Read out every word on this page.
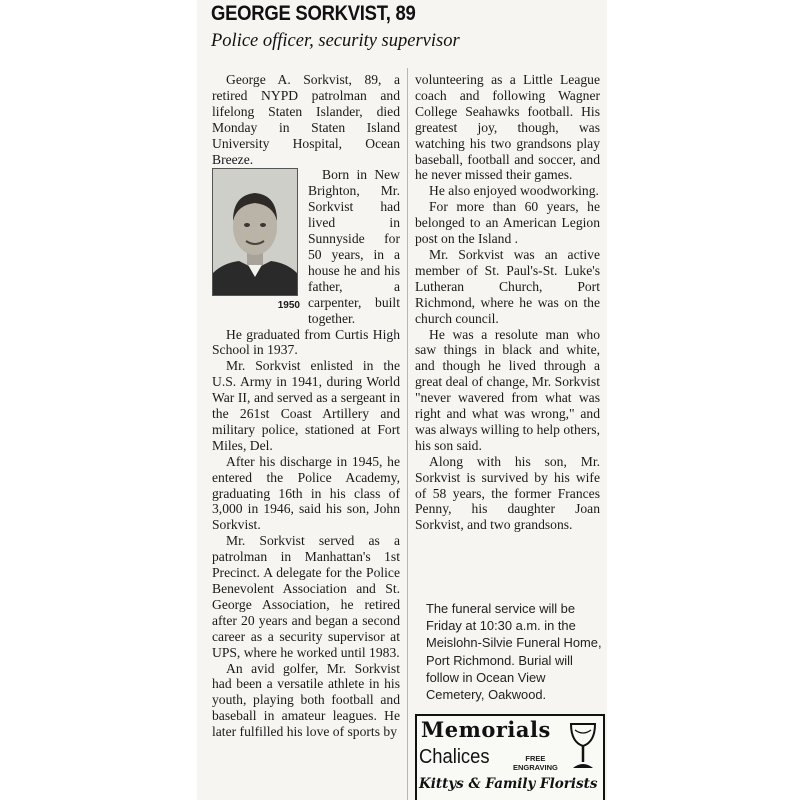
GEORGE SORKVIST, 89
Police officer, security supervisor

George A. Sorkvist, 89, a retired NYPD patrolman and lifelong Staten Islander, died Monday in Staten Island University Hospital, Ocean Breeze.

1950

Born in New Brighton, Mr. Sorkvist had lived in Sunnyside for 50 years, in a house he and his father, a carpenter, built together.

He graduated from Curtis High School in 1937.

Mr. Sorkvist enlisted in the U.S. Army in 1941, during World War II, and served as a sergeant in the 261st Coast Artillery and military police, stationed at Fort Miles, Del.

After his discharge in 1945, he entered the Police Academy, graduating 16th in his class of 3,000 in 1946, said his son, John Sorkvist.

Mr. Sorkvist served as a patrolman in Manhattan's 1st Precinct. A delegate for the Police Benevolent Association and St. George Association, he retired after 20 years and began a second career as a security supervisor at UPS, where he worked until 1983.

An avid golfer, Mr. Sorkvist had been a versatile athlete in his youth, playing both football and baseball in amateur leagues. He later fulfilled his love of sports by

volunteering as a Little League coach and following Wagner College Seahawks football. His greatest joy, though, was watching his two grandsons play baseball, football and soccer, and he never missed their games.

He also enjoyed woodworking.

For more than 60 years, he belonged to an American Legion post on the Island .

Mr. Sorkvist was an active member of St. Paul's-St. Luke's Lutheran Church, Port Richmond, where he was on the church council.

He was a resolute man who saw things in black and white, and though he lived through a great deal of change, Mr. Sorkvist "never wavered from what was right and what was wrong," and was always willing to help others, his son said.

Along with his son, Mr. Sorkvist is survived by his wife of 58 years, the former Frances Penny, his daughter Joan Sorkvist, and two grandsons.

The funeral service will be Friday at 10:30 a.m. in the Meislohn-Silvie Funeral Home, Port Richmond. Burial will follow in Ocean View Cemetery, Oakwood.
Memorials
Chalices	FREE
ENGRAVING
Kittys & Family Florists
